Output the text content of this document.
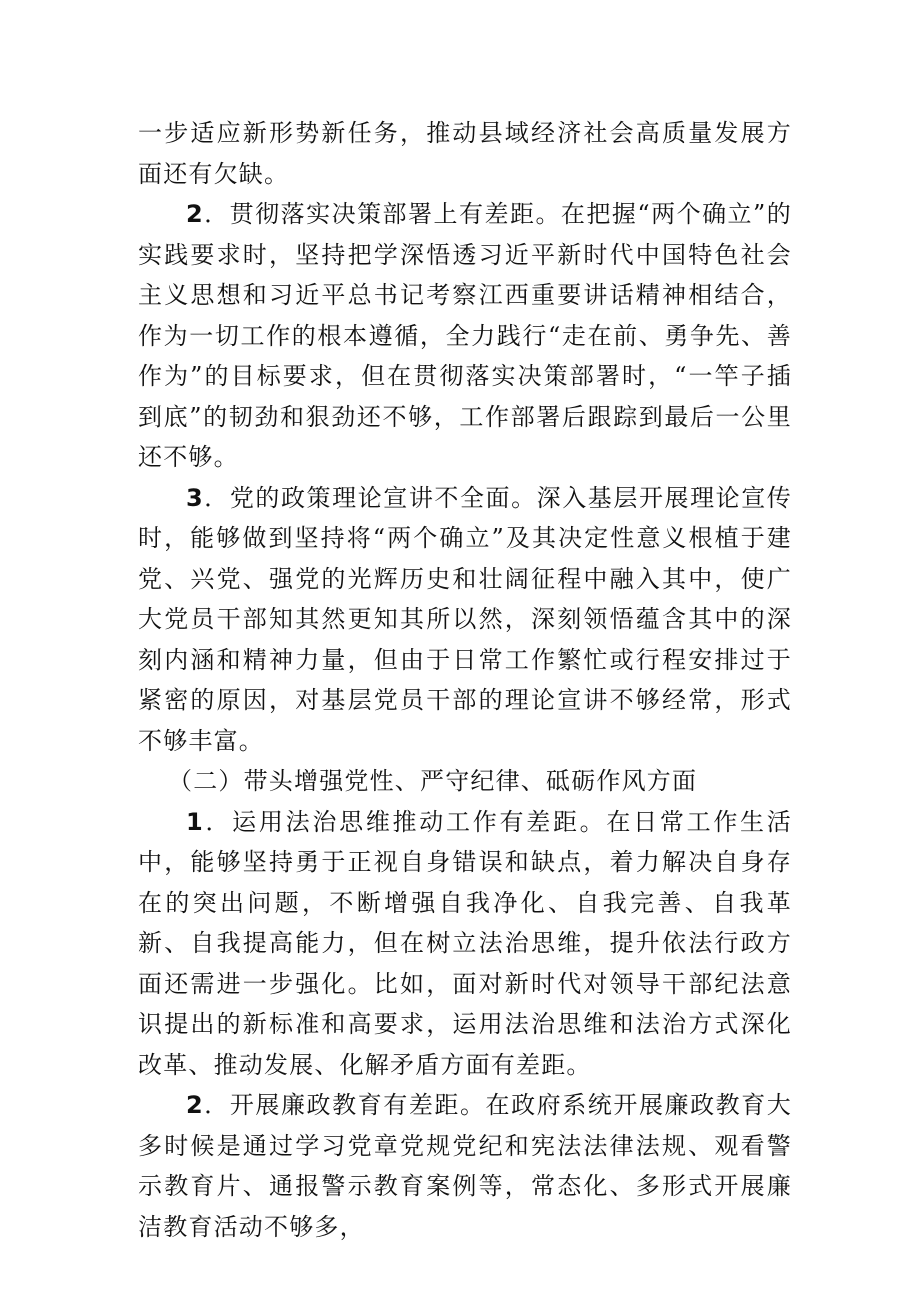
一步适应新形势新任务，推动县域经济社会高质量发展方面还有欠缺。

2．贯彻落实决策部署上有差距。在把握“两个确立”的实践要求时，坚持把学深悟透习近平新时代中国特色社会主义思想和习近平总书记考察江西重要讲话精神相结合，作为一切工作的根本遵循，全力践行“走在前、勇争先、善作为”的目标要求，但在贯彻落实决策部署时，“一竿子插到底”的韧劲和狠劲还不够，工作部署后跟踪到最后一公里还不够。

3．党的政策理论宣讲不全面。深入基层开展理论宣传时，能够做到坚持将“两个确立”及其决定性意义根植于建党、兴党、强党的光辉历史和壮阔征程中融入其中，使广大党员干部知其然更知其所以然，深刻领悟蕴含其中的深刻内涵和精神力量，但由于日常工作繁忙或行程安排过于紧密的原因，对基层党员干部的理论宣讲不够经常，形式不够丰富。

（二）带头增强党性、严守纪律、砥砺作风方面

1．运用法治思维推动工作有差距。在日常工作生活中，能够坚持勇于正视自身错误和缺点，着力解决自身存在的突出问题，不断增强自我净化、自我完善、自我革新、自我提高能力，但在树立法治思维，提升依法行政方面还需进一步强化。比如，面对新时代对领导干部纪法意识提出的新标准和高要求，运用法治思维和法治方式深化改革、推动发展、化解矛盾方面有差距。

2．开展廉政教育有差距。在政府系统开展廉政教育大多时候是通过学习党章党规党纪和宪法法律法规、观看警示教育片、通报警示教育案例等，常态化、多形式开展廉洁教育活动不够多，
